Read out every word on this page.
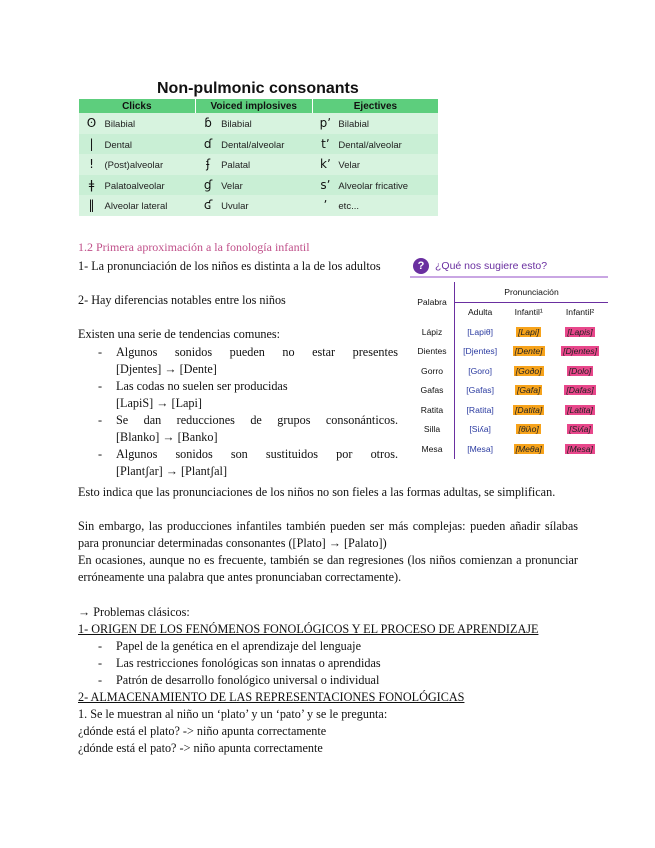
Non-pulmonic consonants
Clicks	Voiced implosives	Ejectives
ʘ Bilabial	ɓ Bilabial	pʼ Bilabial
| Dental	ɗ Dental/alveolar	tʼ Dental/alveolar
! (Post)alveolar	ʄ Palatal	kʼ Velar
ǂ Palatoalveolar	ɠ Velar	sʼ Alveolar fricative
‖ Alveolar lateral	ʛ Uvular	ʼ etc...
1.2 Primera aproximación a la fonología infantil
1- La pronunciación de los niños es distinta a la de los adultos
2- Hay diferencias notables entre los niños
Existen una serie de tendencias comunes:
- Algunos sonidos pueden no estar presentes
[Djentes] → [Dente]
- Las codas no suelen ser producidas
[LapiS] → [Lapi]
- Se dan reducciones de grupos consonánticos.
[Blanko] → [Banko]
- Algunos sonidos son sustituidos por otros.
[Plantʃar] → [Plantʃal]
Esto indica que las pronunciaciones de los niños no son fieles a las formas adultas, se simplifican.
Sin embargo, las producciones infantiles también pueden ser más complejas: pueden añadir sílabas para pronunciar determinadas consonantes ([Plato] → [Palato])
En ocasiones, aunque no es frecuente, también se dan regresiones (los niños comienzan a pronunciar erróneamente una palabra que antes pronunciaban correctamente).
? ¿Qué nos sugiere esto?
Palabra	Pronunciación		
	Adulta	Infantil¹	Infantil²
Lápiz	[Lapiθ]	[Lapi]	[Lapis]
Dientes	[Djentes]	[Dente]	[Djentes]
Gorro	[Goro]	[Goðo]	[Dolo]
Gafas	[Gafas]	[Gafa]	[Dafas]
Ratita	[Ratita]	[Datita]	[Latita]
Silla	[Siʎa]	[θiλo]	[Siʎa]
Mesa	[Mesa]	[Meθa]	[Mesa]
→ Problemas clásicos:
1- ORIGEN DE LOS FENÓMENOS FONOLÓGICOS Y EL PROCESO DE APRENDIZAJE
- Papel de la genética en el aprendizaje del lenguaje
- Las restricciones fonológicas son innatas o aprendidas
- Patrón de desarrollo fonológico universal o individual
2- ALMACENAMIENTO DE LAS REPRESENTACIONES FONOLÓGICAS
1. Se le muestran al niño un ‘plato’ y un ‘pato’ y se le pregunta:
¿dónde está el plato? -> niño apunta correctamente
¿dónde está el pato? -> niño apunta correctamente
